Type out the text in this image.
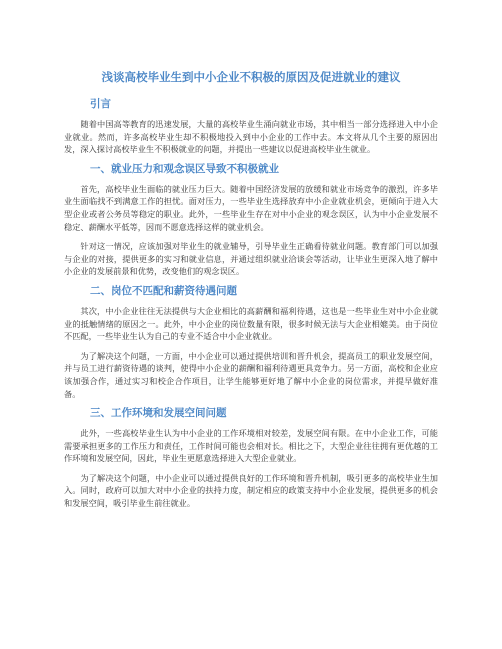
浅谈高校毕业生到中小企业不积极的原因及促进就业的建议
引言

随着中国高等教育的迅速发展，大量的高校毕业生涌向就业市场，其中相当一部分选择进入中小企业就业。然而，许多高校毕业生却不积极地投入到中小企业的工作中去。本文将从几个主要的原因出发，深入探讨高校毕业生不积极就业的问题，并提出一些建议以促进高校毕业生就业。

一、就业压力和观念误区导致不积极就业

首先，高校毕业生面临的就业压力巨大。随着中国经济发展的放缓和就业市场竞争的激烈，许多毕业生面临找不到满意工作的担忧。面对压力，一些毕业生选择放弃中小企业就业机会，更倾向于进入大型企业或者公务员等稳定的职业。此外，一些毕业生存在对中小企业的观念误区，认为中小企业发展不稳定、薪酬水平低等，因而不愿意选择这样的就业机会。

针对这一情况，应该加强对毕业生的就业辅导，引导毕业生正确看待就业问题。教育部门可以加强与企业的对接，提供更多的实习和就业信息，并通过组织就业洽谈会等活动，让毕业生更深入地了解中小企业的发展前景和优势，改变他们的观念误区。

二、岗位不匹配和薪资待遇问题

其次，中小企业往往无法提供与大企业相比的高薪酬和福利待遇，这也是一些毕业生对中小企业就业的抵触情绪的原因之一。此外，中小企业的岗位数量有限，很多时候无法与大企业相媲美。由于岗位不匹配，一些毕业生认为自己的专业不适合中小企业就业。

为了解决这个问题，一方面，中小企业可以通过提供培训和晋升机会，提高员工的职业发展空间，并与员工进行薪资待遇的谈判，使得中小企业的薪酬和福利待遇更具竞争力。另一方面，高校和企业应该加强合作，通过实习和校企合作项目，让学生能够更好地了解中小企业的岗位需求，并提早做好准备。

三、工作环境和发展空间问题

此外，一些高校毕业生认为中小企业的工作环境相对较差，发展空间有限。在中小企业工作，可能需要承担更多的工作压力和责任，工作时间可能也会相对长。相比之下，大型企业往往拥有更优越的工作环境和发展空间，因此，毕业生更愿意选择进入大型企业就业。

为了解决这个问题，中小企业可以通过提供良好的工作环境和晋升机制，吸引更多的高校毕业生加入。同时，政府可以加大对中小企业的扶持力度，制定相应的政策支持中小企业发展，提供更多的机会和发展空间，吸引毕业生前往就业。
